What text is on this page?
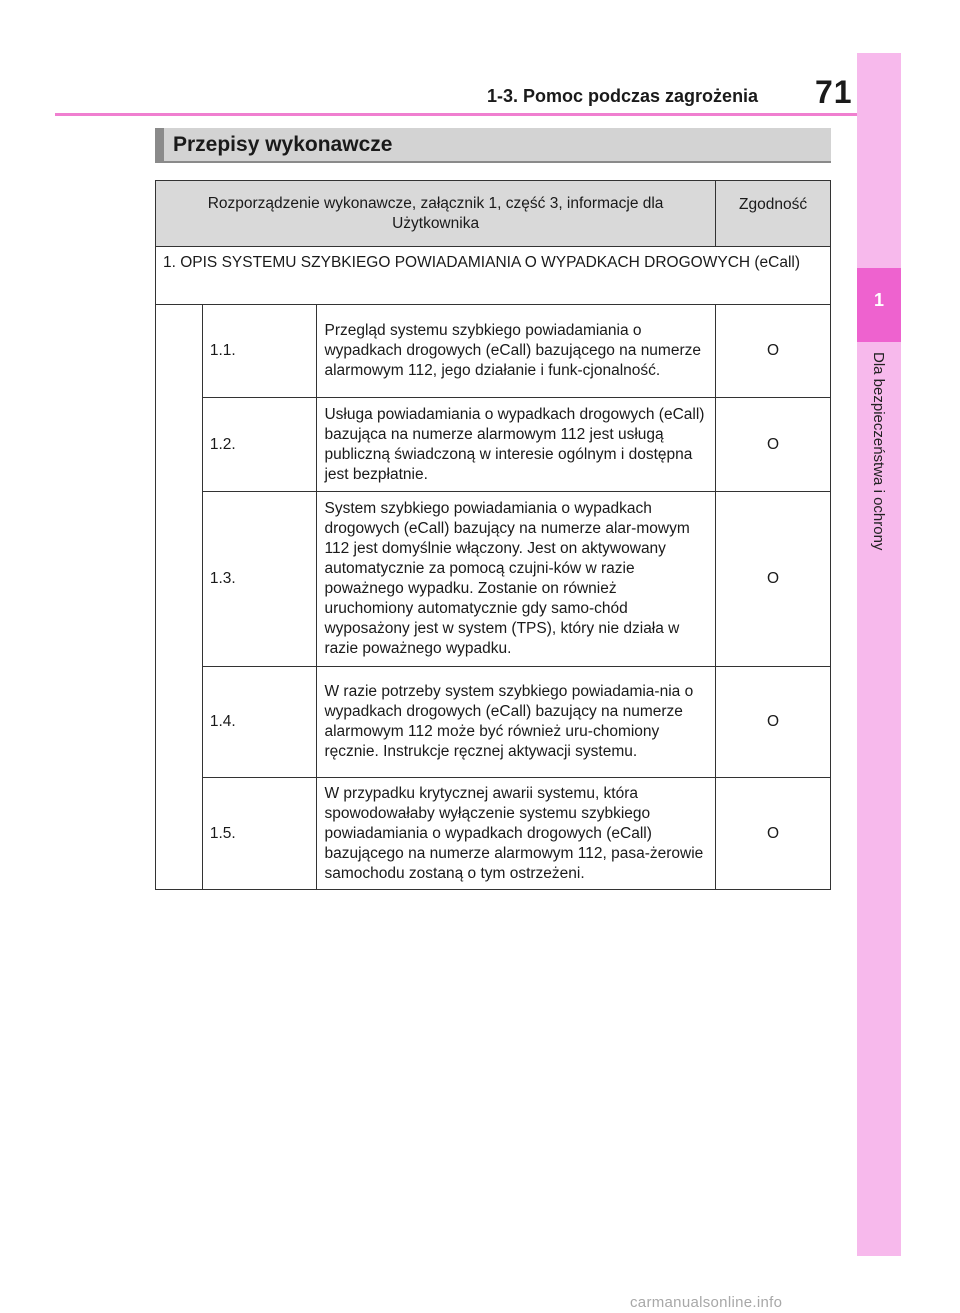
1-3. Pomoc podczas zagrożenia 71
1
Dla bezpieczeństwa i ochrony
Przepisy wykonawcze
Rozporządzenie wykonawcze, załącznik 1, część 3, informacje dla Użytkownika			Zgodność
1. OPIS SYSTEMU SZYBKIEGO POWIADAMIANIA O WYPADKACH DROGOWYCH (eCall)			
	1.1.	Przegląd systemu szybkiego powiadamiania o wypadkach drogowych (eCall) bazującego na numerze alarmowym 112, jego działanie i funk-cjonalność.	O
	1.2.	Usługa powiadamiania o wypadkach drogowych (eCall) bazująca na numerze alarmowym 112 jest usługą publiczną świadczoną w interesie ogólnym i dostępna jest bezpłatnie.	O
	1.3.	System szybkiego powiadamiania o wypadkach drogowych (eCall) bazujący na numerze alar-mowym 112 jest domyślnie włączony. Jest on aktywowany automatycznie za pomocą czujni-ków w razie poważnego wypadku. Zostanie on również uruchomiony automatycznie gdy samo-chód wyposażony jest w system (TPS), który nie działa w razie poważnego wypadku.	O
	1.4.	W razie potrzeby system szybkiego powiadamia-nia o wypadkach drogowych (eCall) bazujący na numerze alarmowym 112 może być również uru-chomiony ręcznie. Instrukcje ręcznej aktywacji systemu.	O
	1.5.	W przypadku krytycznej awarii systemu, która spowodowałaby wyłączenie systemu szybkiego powiadamiania o wypadkach drogowych (eCall) bazującego na numerze alarmowym 112, pasa-żerowie samochodu zostaną o tym ostrzeżeni.	O
carmanualsonline.info
